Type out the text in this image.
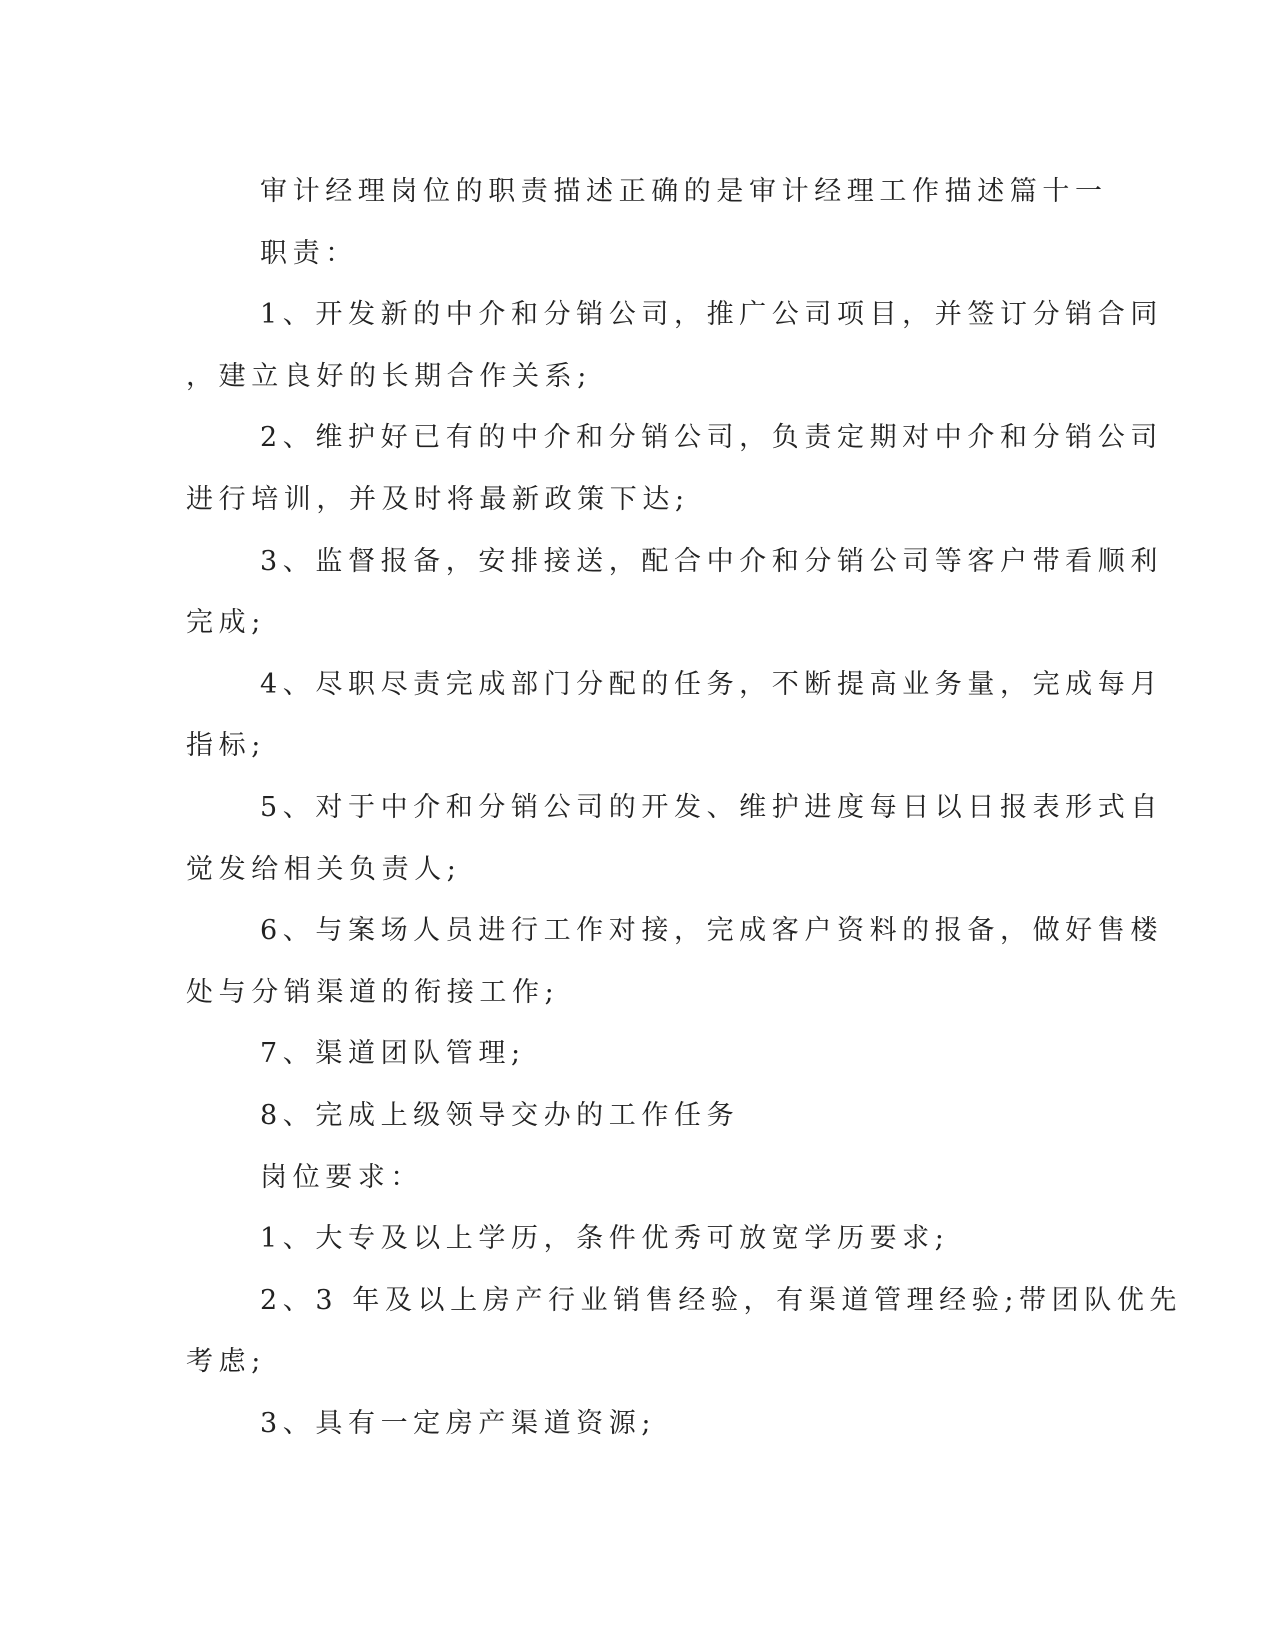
审计经理岗位的职责描述正确的是审计经理工作描述篇十一

职责：

1、开发新的中介和分销公司，推广公司项目，并签订分销合同

，建立良好的长期合作关系;

2、维护好已有的中介和分销公司，负责定期对中介和分销公司

进行培训，并及时将最新政策下达;

3、监督报备，安排接送，配合中介和分销公司等客户带看顺利

完成;

4、尽职尽责完成部门分配的任务，不断提高业务量，完成每月

指标;

5、对于中介和分销公司的开发、维护进度每日以日报表形式自

觉发给相关负责人;

6、与案场人员进行工作对接，完成客户资料的报备，做好售楼

处与分销渠道的衔接工作;

7、渠道团队管理;

8、完成上级领导交办的工作任务

岗位要求：

1、大专及以上学历，条件优秀可放宽学历要求;

2、3 年及以上房产行业销售经验，有渠道管理经验;带团队优先

考虑;

3、具有一定房产渠道资源;
